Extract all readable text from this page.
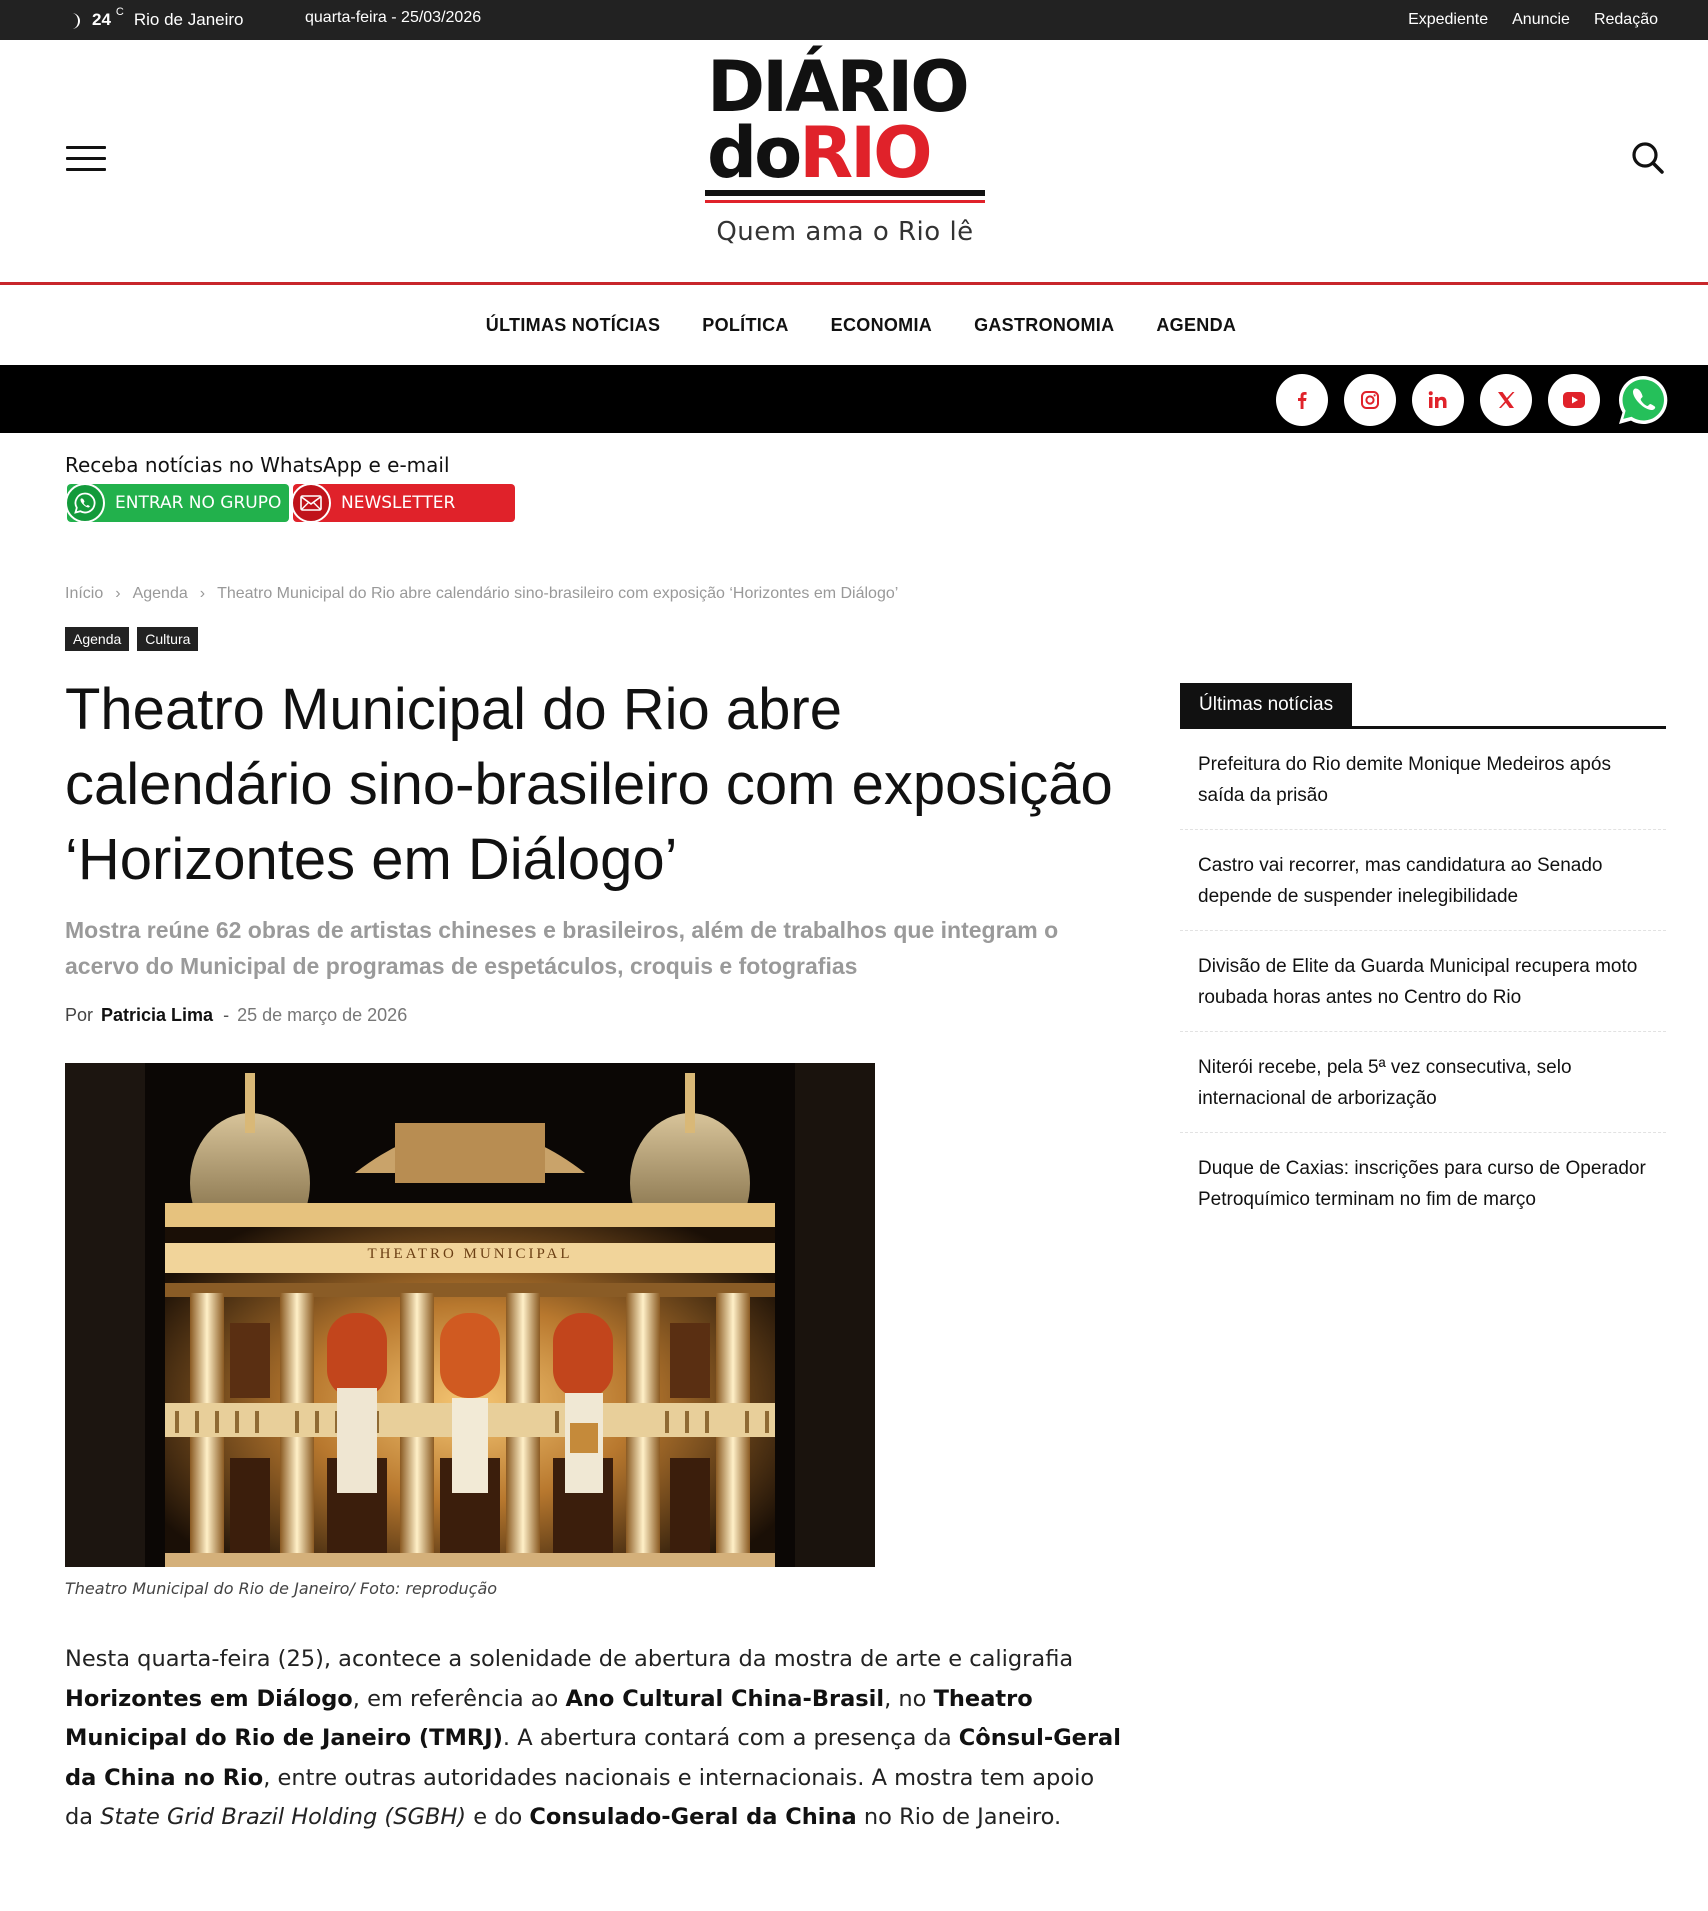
24 C Rio de Janeiro	quarta-feira - 25/03/2026	Expediente Anuncie Redação
DIÁRIO
doRIO
Quem ama o Rio lê
ÚLTIMAS NOTÍCIAS POLÍTICA ECONOMIA GASTRONOMIA AGENDA
Receba notícias no WhatsApp e e-mail
ENTRAR NO GRUPO	NEWSLETTER
Início › Agenda › Theatro Municipal do Rio abre calendário sino-brasileiro com exposição ‘Horizontes em Diálogo’
Agenda	Cultura
Theatro Municipal do Rio abre calendário sino-brasileiro com exposição ‘Horizontes em Diálogo’
Mostra reúne 62 obras de artistas chineses e brasileiros, além de trabalhos que integram o acervo do Municipal de programas de espetáculos, croquis e fotografias
Por Patricia Lima - 25 de março de 2026
THEATRO MUNICIPAL
Theatro Municipal do Rio de Janeiro/ Foto: reprodução

Nesta quarta-feira (25), acontece a solenidade de abertura da mostra de arte e caligrafia Horizontes em Diálogo, em referência ao Ano Cultural China-Brasil, no Theatro Municipal do Rio de Janeiro (TMRJ). A abertura contará com a presença da Cônsul-Geral da China no Rio, entre outras autoridades nacionais e internacionais. A mostra tem apoio da State Grid Brazil Holding (SGBH) e do Consulado-Geral da China no Rio de Janeiro.

Últimas notícias
Prefeitura do Rio demite Monique Medeiros após saída da prisão
Castro vai recorrer, mas candidatura ao Senado depende de suspender inelegibilidade
Divisão de Elite da Guarda Municipal recupera moto roubada horas antes no Centro do Rio
Niterói recebe, pela 5ª vez consecutiva, selo internacional de arborização
Duque de Caxias: inscrições para curso de Operador Petroquímico terminam no fim de março
